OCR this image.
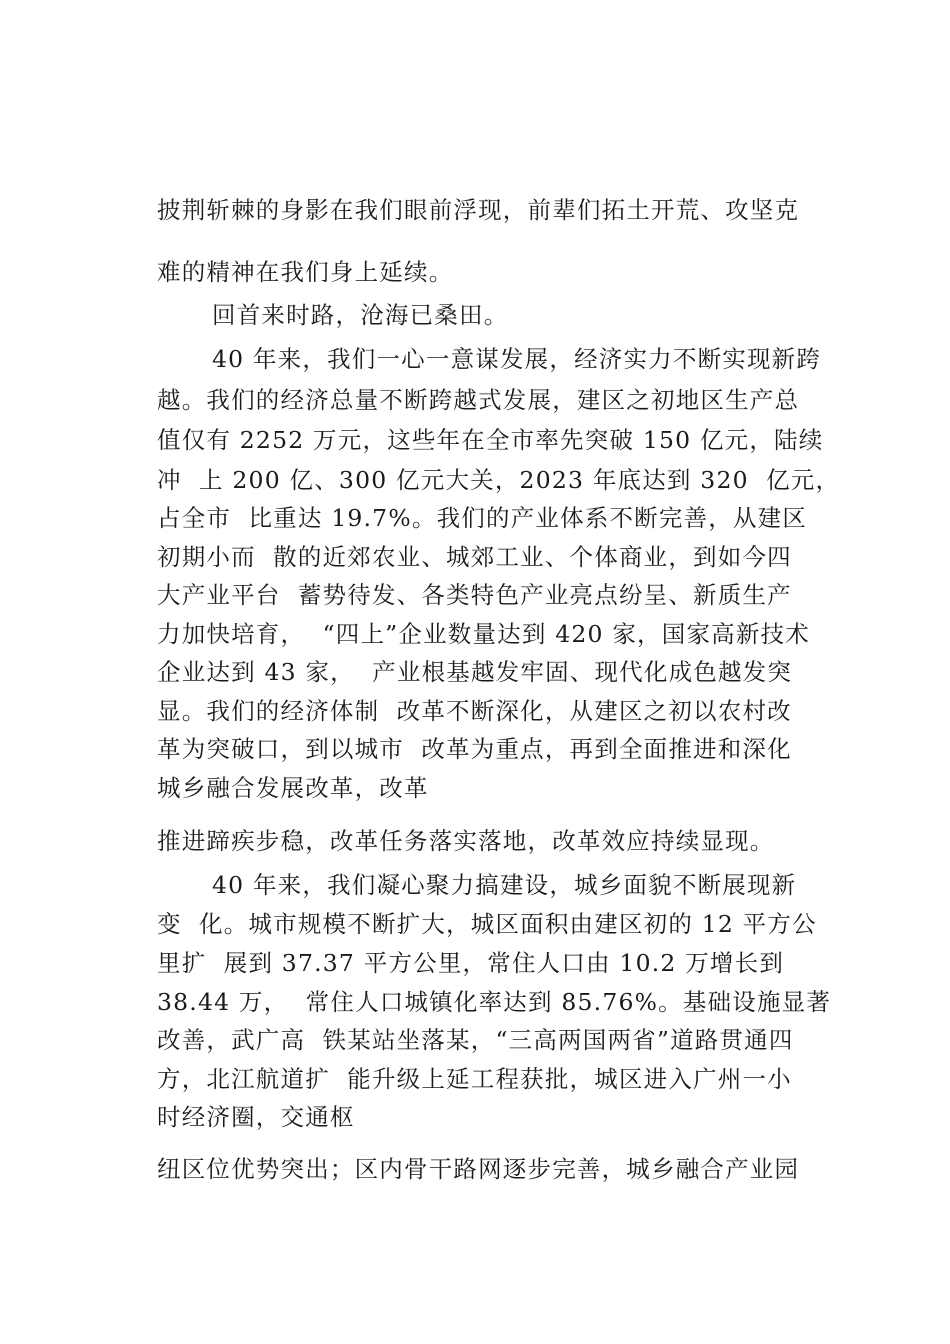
披荆斩棘的身影在我们眼前浮现，前辈们拓土开荒、攻坚克
难的精神在我们身上延续。
回首来时路，沧海已桑田。
40 年来，我们一心一意谋发展，经济实力不断实现新跨
越。我们的经济总量不断跨越式发展，建区之初地区生产总
值仅有 2252 万元，这些年在全市率先突破 150 亿元，陆续
冲  上 200 亿、300 亿元大关，2023 年底达到 320  亿元，
占全市  比重达 19.7%。我们的产业体系不断完善，从建区
初期小而  散的近郊农业、城郊工业、个体商业，到如今四
大产业平台  蓄势待发、各类特色产业亮点纷呈、新质生产
力加快培育，  “四上”企业数量达到 420 家，国家高新技术
企业达到 43 家，  产业根基越发牢固、现代化成色越发突
显。我们的经济体制  改革不断深化，从建区之初以农村改
革为突破口，到以城市  改革为重点，再到全面推进和深化
城乡融合发展改革，改革
推进蹄疾步稳，改革任务落实落地，改革效应持续显现。
40 年来，我们凝心聚力搞建设，城乡面貌不断展现新
变  化。城市规模不断扩大，城区面积由建区初的 12 平方公
里扩  展到 37.37 平方公里，常住人口由 10.2 万增长到
38.44 万，  常住人口城镇化率达到 85.76%。基础设施显著
改善，武广高  铁某站坐落某，“三高两国两省”道路贯通四
方，北江航道扩  能升级上延工程获批，城区进入广州一小
时经济圈，交通枢
纽区位优势突出；区内骨干路网逐步完善，城乡融合产业园
